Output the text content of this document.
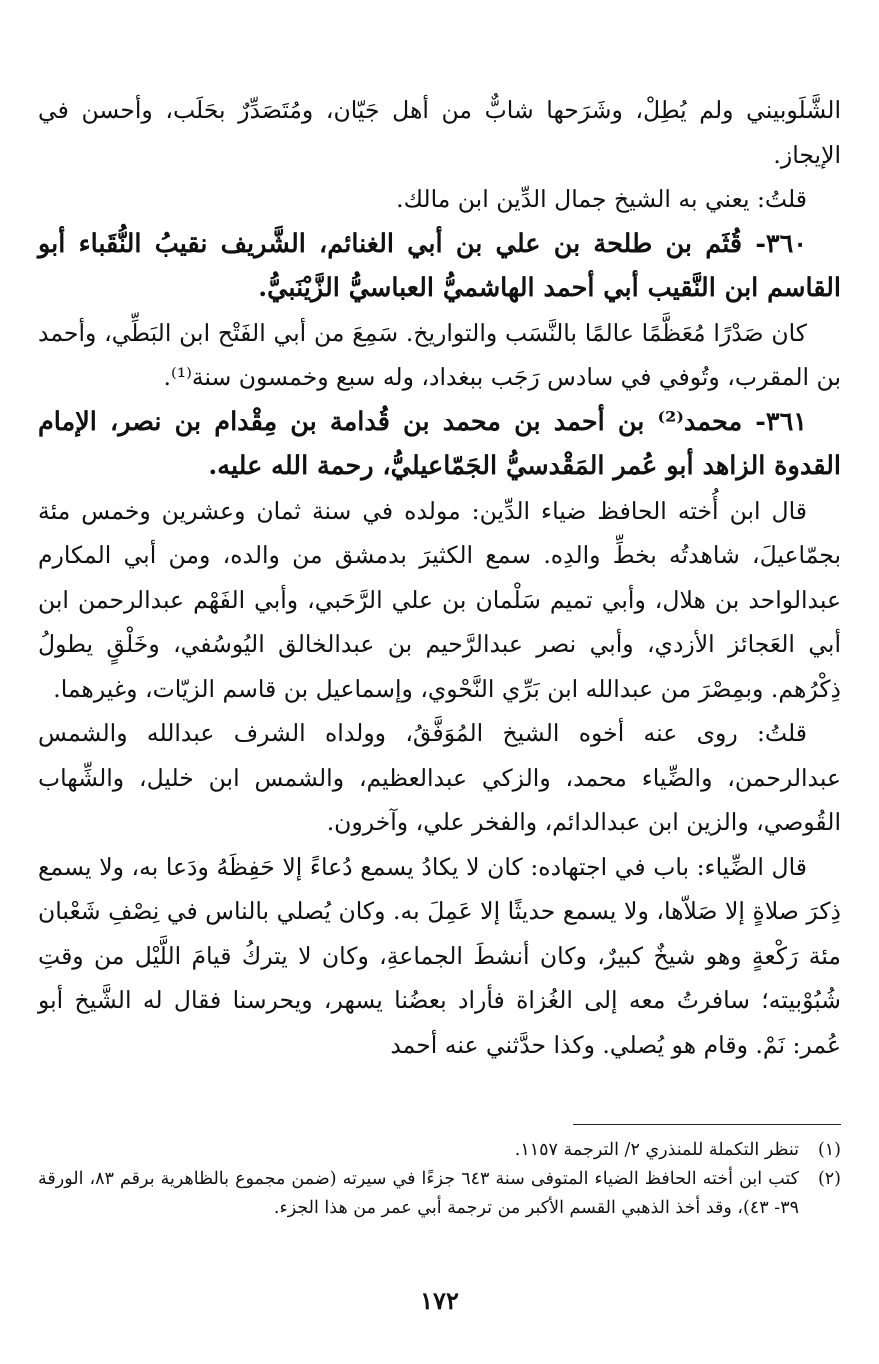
الشَّلَوبيني ولم يُطِلْ، وشَرَحها شابٌّ من أهل جَيّان، ومُتَصَدِّرٌ بحَلَب، وأحسن في الإيجاز.

قلتُ: يعني به الشيخ جمال الدِّين ابن مالك.

٣٦٠- قُثَم بن طلحة بن علي بن أبي الغنائم، الشَّريف نقيبُ النُّقَباء أبو القاسم ابن النَّقيب أبي أحمد الهاشميُّ العباسيُّ الزَّيْنَبيُّ.

كان صَدْرًا مُعَظَّمًا عالمًا بالنَّسَب والتواريخ. سَمِعَ من أبي الفَتْح ابن البَطِّي، وأحمد بن المقرب، وتُوفي في سادس رَجَب ببغداد، وله سبع وخمسون سنة⁽¹⁾.

٣٦١- محمد⁽²⁾ بن أحمد بن محمد بن قُدامة بن مِقْدام بن نصر، الإمام القدوة الزاهد أبو عُمر المَقْدسيُّ الجَمّاعيليُّ، رحمة الله عليه.

قال ابن أُخته الحافظ ضياء الدِّين: مولده في سنة ثمان وعشرين وخمس مئة بجمّاعيلَ، شاهدتُه بخطِّ والدِه. سمع الكثيرَ بدمشق من والده، ومن أبي المكارم عبدالواحد بن هلال، وأبي تميم سَلْمان بن علي الرَّحَبي، وأبي الفَهْم عبدالرحمن ابن أبي العَجائز الأزدي، وأبي نصر عبدالرَّحيم بن عبدالخالق اليُوسُفي، وخَلْقٍ يطولُ ذِكْرُهم. وبمِصْرَ من عبدالله ابن بَرِّي النَّحْوي، وإسماعيل بن قاسم الزيّات، وغيرهما.

قلتُ: روى عنه أخوه الشيخ المُوَفَّقُ، وولداه الشرف عبدالله والشمس عبدالرحمن، والضِّياء محمد، والزكي عبدالعظيم، والشمس ابن خليل، والشِّهاب القُوصي، والزين ابن عبدالدائم، والفخر علي، وآخرون.

قال الضِّياء: باب في اجتهاده: كان لا يكادُ يسمع دُعاءً إلا حَفِظَهُ ودَعا به، ولا يسمع ذِكرَ صلاةٍ إلا صَلاّها، ولا يسمع حديثًا إلا عَمِلَ به. وكان يُصلي بالناس في نِصْفِ شَعْبان مئة رَكْعةٍ وهو شيخٌ كبيرٌ، وكان أنشطَ الجماعةِ، وكان لا يتركُ قيامَ اللَّيْل من وقتِ شُبُوْبيته؛ سافرتُ معه إلى الغُزاة فأراد بعضُنا يسهر، ويحرسنا فقال له الشَّيخ أبو عُمر: نَمْ. وقام هو يُصلي. وكذا حدَّثني عنه أحمد

(١)
تنظر التكملة للمنذري ٢/ الترجمة ١١٥٧.
(٢)
كتب ابن أخته الحافظ الضياء المتوفى سنة ٦٤٣ جزءًا في سيرته (ضمن مجموع بالظاهرية برقم ٨٣، الورقة ٣٩- ٤٣)، وقد أخذ الذهبي القسم الأكبر من ترجمة أبي عمر من هذا الجزء.
١٧٢
